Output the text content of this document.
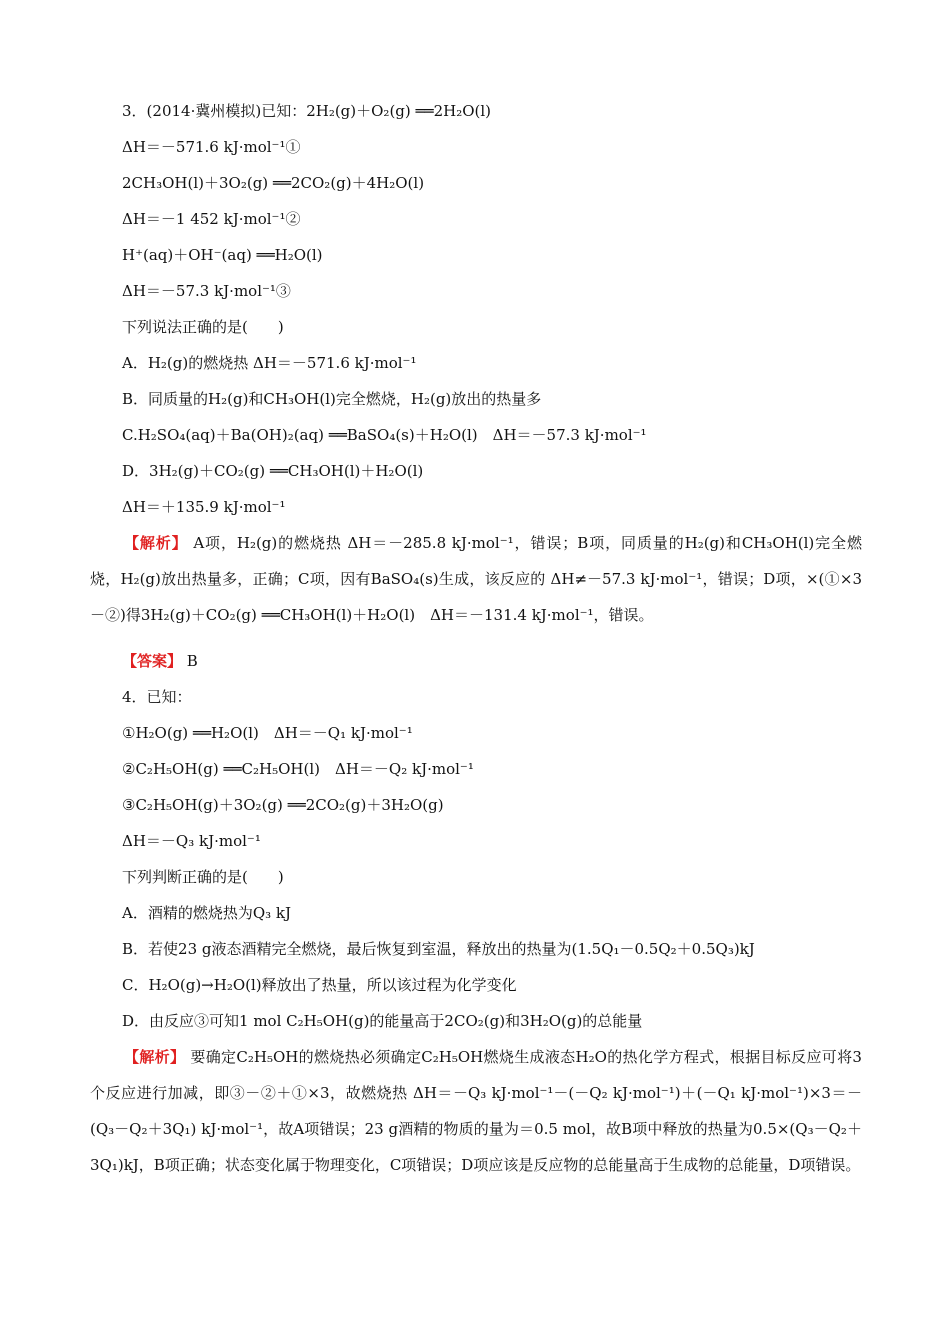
3．(2014·冀州模拟)已知：2H₂(g)＋O₂(g) ══2H₂O(l)
ΔH＝－571.6 kJ·mol⁻¹①
2CH₃OH(l)＋3O₂(g) ══2CO₂(g)＋4H₂O(l)
ΔH＝－1 452 kJ·mol⁻¹②
H⁺(aq)＋OH⁻(aq) ══H₂O(l)
ΔH＝－57.3 kJ·mol⁻¹③
下列说法正确的是(　　)
A．H₂(g)的燃烧热 ΔH＝－571.6 kJ·mol⁻¹
B．同质量的H₂(g)和CH₃OH(l)完全燃烧，H₂(g)放出的热量多
C.H₂SO₄(aq)＋Ba(OH)₂(aq) ══BaSO₄(s)＋H₂O(l)　ΔH＝－57.3 kJ·mol⁻¹
D．3H₂(g)＋CO₂(g) ══CH₃OH(l)＋H₂O(l)
ΔH＝＋135.9 kJ·mol⁻¹
【解析】 A项，H₂(g)的燃烧热 ΔH＝－285.8 kJ·mol⁻¹，错误；B项，同质量的H₂(g)和CH₃OH(l)完全燃烧，H₂(g)放出热量多，正确；C项，因有BaSO₄(s)生成，该反应的 ΔH≠－57.3 kJ·mol⁻¹，错误；D项，×(①×3－②)得3H₂(g)＋CO₂(g) ══CH₃OH(l)＋H₂O(l)　ΔH＝－131.4 kJ·mol⁻¹，错误。
【答案】 B
4．已知：
①H₂O(g) ══H₂O(l)　ΔH＝－Q₁ kJ·mol⁻¹
②C₂H₅OH(g) ══C₂H₅OH(l)　ΔH＝－Q₂ kJ·mol⁻¹
③C₂H₅OH(g)＋3O₂(g) ══2CO₂(g)＋3H₂O(g)
ΔH＝－Q₃ kJ·mol⁻¹
下列判断正确的是(　　)
A．酒精的燃烧热为Q₃ kJ
B．若使23 g液态酒精完全燃烧，最后恢复到室温，释放出的热量为(1.5Q₁－0.5Q₂＋0.5Q₃)kJ
C．H₂O(g)→H₂O(l)释放出了热量，所以该过程为化学变化
D．由反应③可知1 mol C₂H₅OH(g)的能量高于2CO₂(g)和3H₂O(g)的总能量
【解析】 要确定C₂H₅OH的燃烧热必须确定C₂H₅OH燃烧生成液态H₂O的热化学方程式，根据目标反应可将3个反应进行加减，即③－②＋①×3，故燃烧热 ΔH＝－Q₃ kJ·mol⁻¹－(－Q₂ kJ·mol⁻¹)＋(－Q₁ kJ·mol⁻¹)×3＝－(Q₃－Q₂＋3Q₁) kJ·mol⁻¹，故A项错误；23 g酒精的物质的量为＝0.5 mol，故B项中释放的热量为0.5×(Q₃－Q₂＋3Q₁)kJ，B项正确；状态变化属于物理变化，C项错误；D项应该是反应物的总能量高于生成物的总能量，D项错误。
